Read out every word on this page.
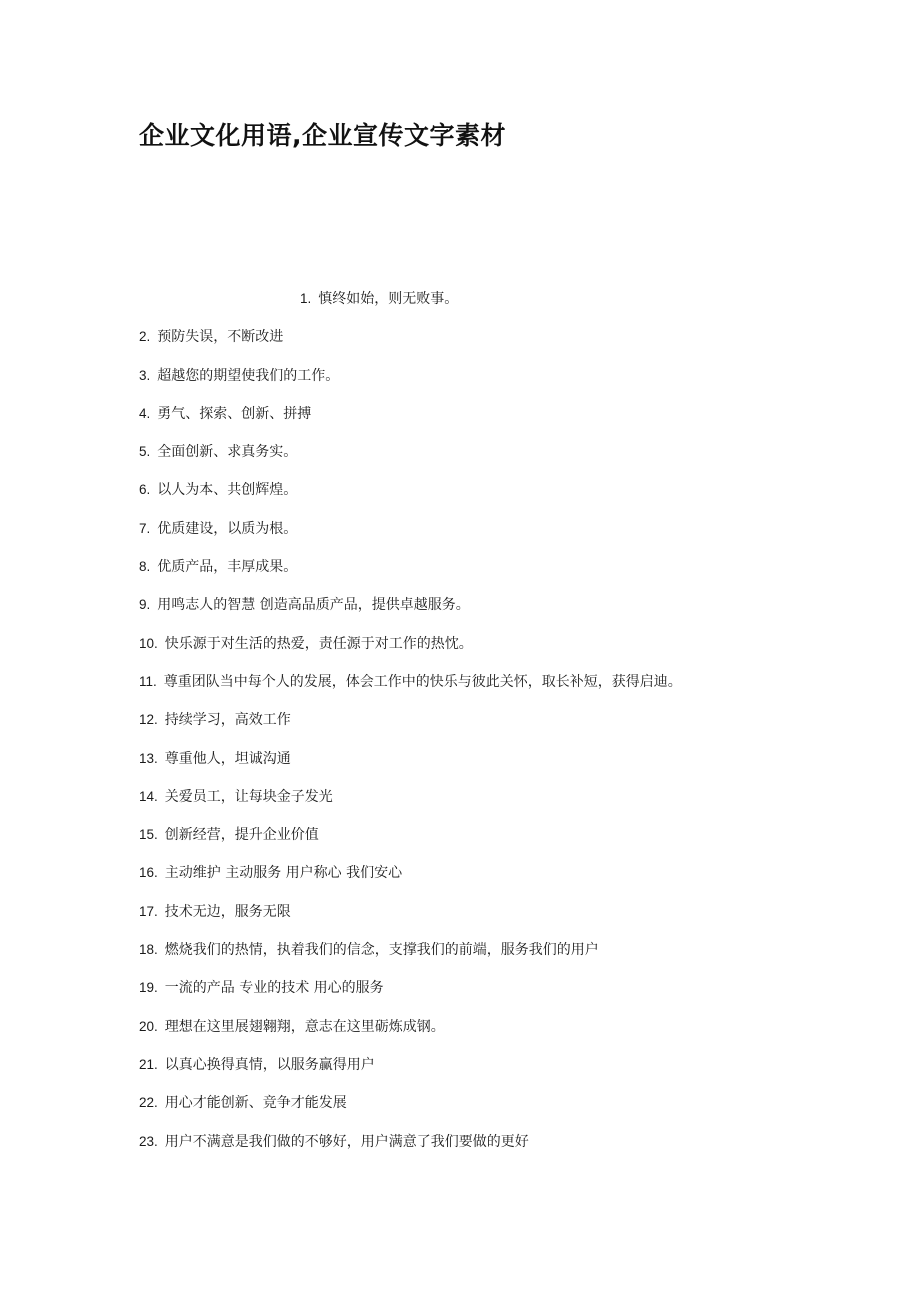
企业文化用语,企业宣传文字素材
1. 慎终如始，则无败事。
2. 预防失误，不断改进
3. 超越您的期望使我们的工作。
4. 勇气、探索、创新、拼搏
5. 全面创新、求真务实。
6. 以人为本、共创辉煌。
7. 优质建设，以质为根。
8. 优质产品，丰厚成果。
9. 用鸣志人的智慧 创造高品质产品，提供卓越服务。
10. 快乐源于对生活的热爱，责任源于对工作的热忱。
11. 尊重团队当中每个人的发展，体会工作中的快乐与彼此关怀，取长补短，获得启迪。
12. 持续学习，高效工作
13. 尊重他人，坦诚沟通
14. 关爱员工，让每块金子发光
15. 创新经营，提升企业价值
16. 主动维护 主动服务 用户称心 我们安心
17. 技术无边，服务无限
18. 燃烧我们的热情，执着我们的信念，支撑我们的前端，服务我们的用户
19. 一流的产品 专业的技术 用心的服务
20. 理想在这里展翅翱翔，意志在这里砺炼成钢。
21. 以真心换得真情，以服务赢得用户
22. 用心才能创新、竞争才能发展
23. 用户不满意是我们做的不够好，用户满意了我们要做的更好
